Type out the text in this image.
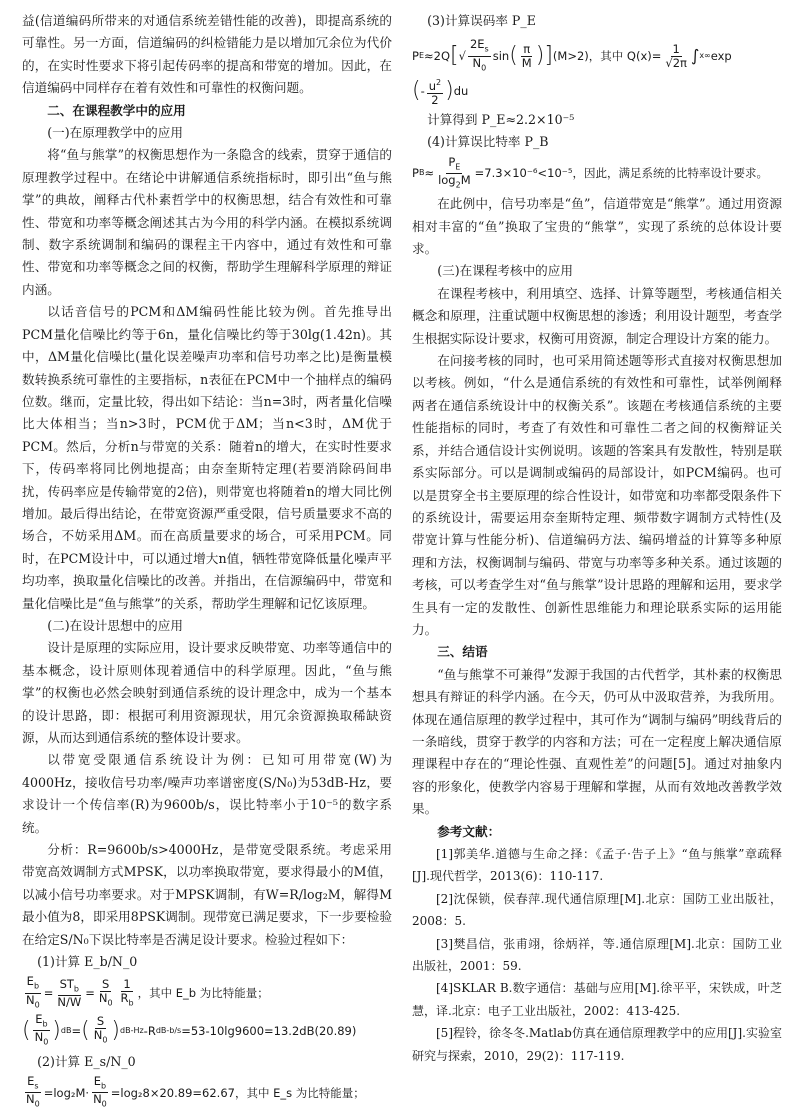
益(信道编码所带来的对通信系统差错性能的改善)，即提高系统的可靠性。另一方面，信道编码的纠检错能力是以增加冗余位为代价的，在实时性要求下将引起传码率的提高和带宽的增加。因此，在信道编码中同样存在着有效性和可靠性的权衡问题。

二、在课程教学中的应用

(一)在原理教学中的应用

将“鱼与熊掌”的权衡思想作为一条隐含的线索，贯穿于通信的原理教学过程中。在绪论中讲解通信系统指标时，即引出“鱼与熊掌”的典故，阐释古代朴素哲学中的权衡思想，结合有效性和可靠性、带宽和功率等概念阐述其古为今用的科学内涵。在模拟系统调制、数字系统调制和编码的课程主干内容中，通过有效性和可靠性、带宽和功率等概念之间的权衡，帮助学生理解科学原理的辩证内涵。

以话音信号的PCM和ΔM编码性能比较为例。首先推导出PCM量化信噪比约等于6n，量化信噪比约等于30lg(1.42n)。其中，ΔM量化信噪比(量化误差噪声功率和信号功率之比)是衡量模数转换系统可靠性的主要指标，n表征在PCM中一个抽样点的编码位数。继而，定量比较，得出如下结论：当n=3时，两者量化信噪比大体相当；当n>3时，PCM优于ΔM；当n<3时，ΔM优于PCM。然后，分析n与带宽的关系：随着n的增大，在实时性要求下，传码率将同比例地提高；由奈奎斯特定理(若要消除码间串扰，传码率应是传输带宽的2倍)，则带宽也将随着n的增大同比例增加。最后得出结论，在带宽资源严重受限，信号质量要求不高的场合，不妨采用ΔM。而在高质量要求的场合，可采用PCM。同时，在PCM设计中，可以通过增大n值，牺牲带宽降低量化噪声平均功率，换取量化信噪比的改善。并指出，在信源编码中，带宽和量化信噪比是“鱼与熊掌”的关系，帮助学生理解和记忆该原理。

(二)在设计思想中的应用

设计是原理的实际应用，设计要求反映带宽、功率等通信中的基本概念，设计原则体现着通信中的科学原理。因此，“鱼与熊掌”的权衡也必然会映射到通信系统的设计理念中，成为一个基本的设计思路，即：根据可利用资源现状，用冗余资源换取稀缺资源，从而达到通信系统的整体设计要求。

以带宽受限通信系统设计为例：已知可用带宽(W)为4000Hz，接收信号功率/噪声功率谱密度(S/N₀)为53dB-Hz，要求设计一个传信率(R)为9600b/s，误比特率小于10⁻⁵的数字系统。

分析：R=9600b/s>4000Hz，是带宽受限系统。考虑采用带宽高效调制方式MPSK，以功率换取带宽，要求得最小的M值，以减小信号功率要求。对于MPSK调制，有W=R/log₂M，解得M最小值为8，即采用8PSK调制。现带宽已满足要求，下一步要检验在给定S/N₀下误比特率是否满足设计要求。检验过程如下：

(1)计算 E_b/N_0

$\frac{E_b}{N_0} = \frac{ST_b}{N/W} = \frac{S}{N_0} \frac{1}{R_b}$ ，其中 E_b 为比特能量；
( $\frac{E_b}{N_0}$ ) dB = ( $\frac{S}{N_0}$ ) dB-Hz -R dB-b/s =53-10lg9600=13.2dB(20.89)

(2)计算 E_s/N_0

$\frac{E_s}{N_0} =\log_2M\cdot \frac{E_b}{N_0} =\log_28\times 20.89=62.67$，其中 E_s 为比特能量；

(3)计算误码率 P_E

P E ≈2Q [ √ $\frac{2E_s}{N_0}$ sin ( $\frac{\pi}{M}$ ) ] (M>2)，其中 $Q(x)= \frac{1}{√2\pi}$ ∫ x ∞ exp
( - $\frac{u^2}{2}$ ) du

计算得到 P_E≈2.2×10⁻⁵

(4)计算误比特率 P_B

P $B \approx \frac{P_E}{\log_2M} =7.3\times 10^{-6}<10^{-5}$，因此，满足系统的比特率设计要求。

在此例中，信号功率是“鱼”，信道带宽是“熊掌”。通过用资源相对丰富的“鱼”换取了宝贵的“熊掌”，实现了系统的总体设计要求。

(三)在课程考核中的应用

在课程考核中，利用填空、选择、计算等题型，考核通信相关概念和原理，注重试题中权衡思想的渗透；利用设计题型，考查学生根据实际设计要求，权衡可用资源，制定合理设计方案的能力。

在问接考核的同时，也可采用简述题等形式直接对权衡思想加以考核。例如，“什么是通信系统的有效性和可靠性，试举例阐释两者在通信系统设计中的权衡关系”。该题在考核通信系统的主要性能指标的同时，考查了有效性和可靠性二者之间的权衡辩证关系，并结合通信设计实例说明。该题的答案具有发散性，特别是联系实际部分。可以是调制或编码的局部设计，如PCM编码。也可以是贯穿全书主要原理的综合性设计，如带宽和功率都受限条件下的系统设计，需要运用奈奎斯特定理、频带数字调制方式特性(及带宽计算与性能分析)、信道编码方法、编码增益的计算等多种原理和方法，权衡调制与编码、带宽与功率等多种关系。通过该题的考核，可以考查学生对“鱼与熊掌”设计思路的理解和运用，要求学生具有一定的发散性、创新性思维能力和理论联系实际的运用能力。

三、结语

“鱼与熊掌不可兼得”发源于我国的古代哲学，其朴素的权衡思想具有辩证的科学内涵。在今天，仍可从中汲取营养，为我所用。体现在通信原理的教学过程中，其可作为“调制与编码”明线背后的一条暗线，贯穿于教学的内容和方法；可在一定程度上解决通信原理课程中存在的“理论性强、直观性差”的问题[5]。通过对抽象内容的形象化，使教学内容易于理解和掌握，从而有效地改善教学效果。

参考文献：

[1]郭美华.道德与生命之择：《孟子·告子上》“鱼与熊掌”章疏释[J].现代哲学，2013(6)：110-117.

[2]沈保锁，侯春萍.现代通信原理[M].北京：国防工业出版社，2008：5.

[3]樊昌信，张甫翊，徐炳祥，等.通信原理[M].北京：国防工业出版社，2001：59.

[4]SKLAR B.数字通信：基础与应用[M].徐平平，宋铁成，叶芝慧，译.北京：电子工业出版社，2002：413-425.

[5]程铃，徐冬冬.Matlab仿真在通信原理教学中的应用[J].实验室研究与探索，2010，29(2)：117-119.
